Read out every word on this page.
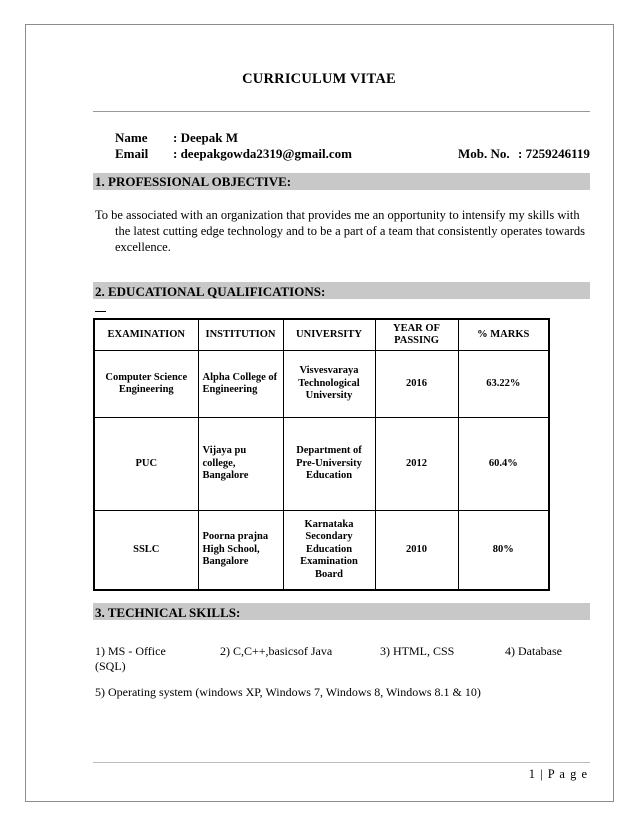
CURRICULUM VITAE
Name : Deepak M
Email : deepakgowda2319@gmail.com	Mob. No. : 7259246119
1. PROFESSIONAL OBJECTIVE:
To be associated with an organization that provides me an opportunity to intensify my skills with
the latest cutting edge technology and to be a part of a team that consistently operates towards
excellence.
2. EDUCATIONAL QUALIFICATIONS:
EXAMINATION	INSTITUTION	UNIVERSITY	YEAR OF PASSING	% MARKS
Computer Science Engineering	Alpha College of Engineering	Visvesvaraya Technological University	2016	63.22%
PUC	Vijaya pu college, Bangalore	Department of Pre-University Education	2012	60.4%
SSLC	Poorna prajna High School, Bangalore	Karnataka Secondary Education Examination Board	2010	80%
3. TECHNICAL SKILLS:
1) MS - Office	2) C,C++,basicsof Java	3) HTML, CSS	4) Database
(SQL)
5) Operating system (windows XP, Windows 7, Windows 8, Windows 8.1 & 10)
1 | P a g e
